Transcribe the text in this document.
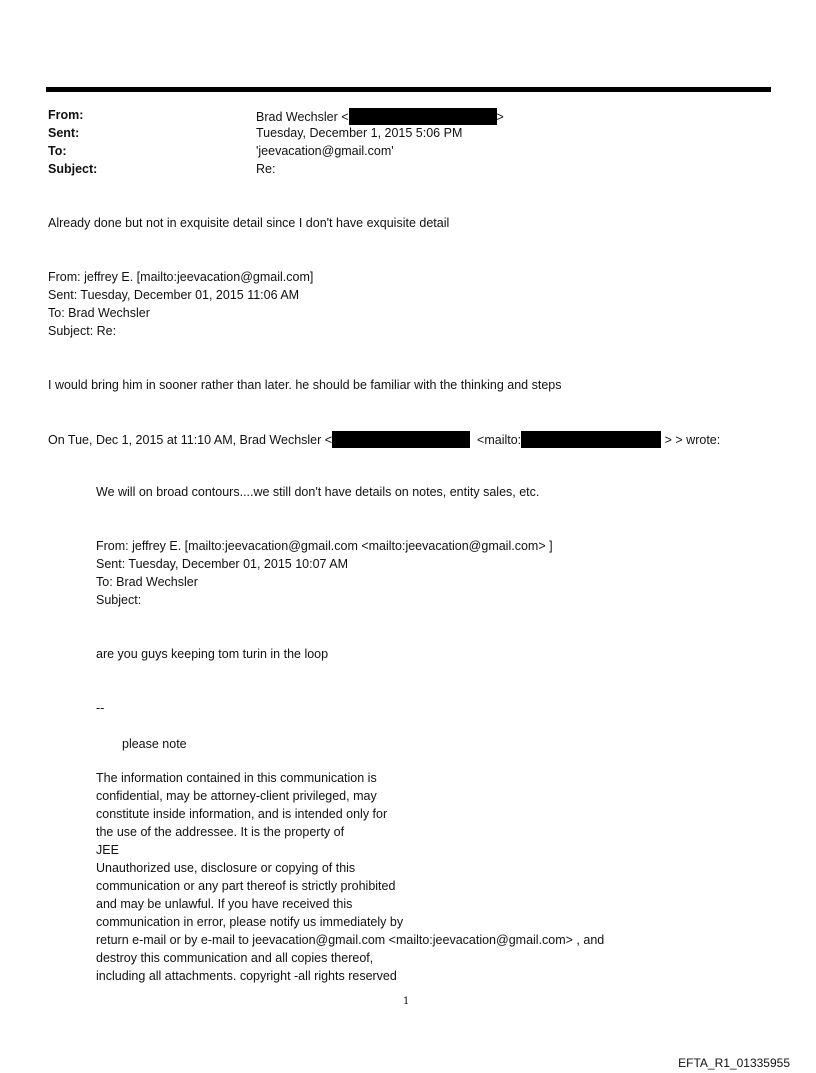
From:	Brad Wechsler <	>
Sent:	Tuesday, December 1, 2015 5:06 PM
To:	'jeevacation@gmail.com'
Subject:	Re:
Already done but not in exquisite detail since I don't have exquisite detail
From: jeffrey E. [mailto:jeevacation@gmail.com]
Sent: Tuesday, December 01, 2015 11:06 AM
To: Brad Wechsler
Subject: Re:
I would bring him in sooner rather than later. he should be familiar with the thinking and steps
On Tue, Dec 1, 2015 at 11:10 AM, Brad Wechsler <	<mailto:	> > wrote:
We will on broad contours....we still don't have details on notes, entity sales, etc.
From: jeffrey E. [mailto:jeevacation@gmail.com <mailto:jeevacation@gmail.com> ]
Sent: Tuesday, December 01, 2015 10:07 AM
To: Brad Wechsler
Subject:
are you guys keeping tom turin in the loop
--
please note
The information contained in this communication is
confidential, may be attorney-client privileged, may
constitute inside information, and is intended only for
the use of the addressee. It is the property of
JEE
Unauthorized use, disclosure or copying of this
communication or any part thereof is strictly prohibited
and may be unlawful. If you have received this
communication in error, please notify us immediately by
return e-mail or by e-mail to jeevacation@gmail.com <mailto:jeevacation@gmail.com> , and
destroy this communication and all copies thereof,
including all attachments. copyright -all rights reserved
1
EFTA_R1_01335955
